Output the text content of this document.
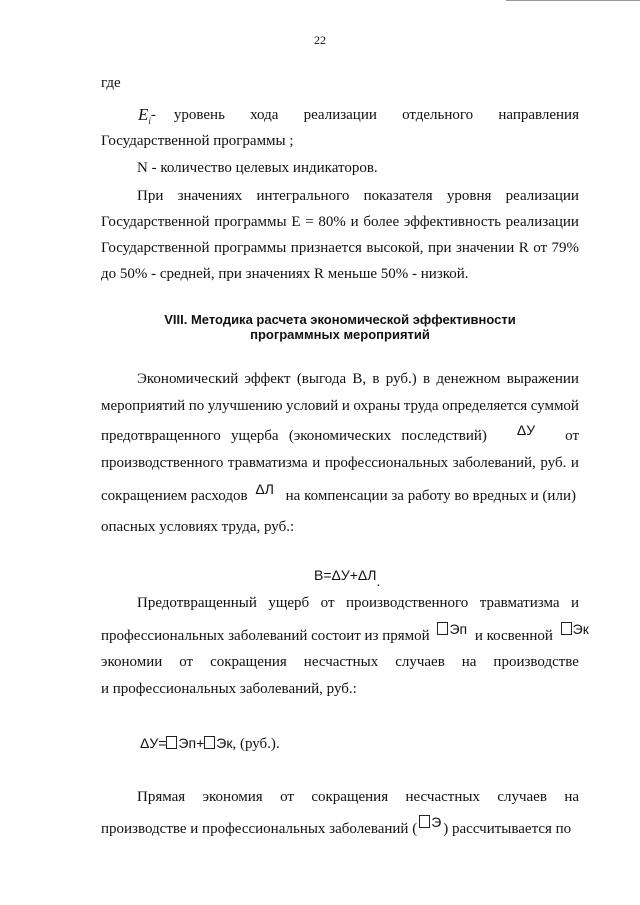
22
где
$E_i$ - уровень хода реализации отдельного направления
Государственной программы ;
N - количество целевых индикаторов.
При значениях интегрального показателя уровня реализации
Государственной программы E = 80% и более эффективность реализации
Государственной программы признается высокой, при значении R от 79%
до 50% - средней, при значениях R меньше 50% - низкой.
VIII. Методика расчета экономической эффективности
программных мероприятий
Экономический эффект (выгода B, в руб.) в денежном выражении
мероприятий по улучшению условий и охраны труда определяется суммой
предотвращенного ущерба (экономических последствий) ΔУ от
производственного травматизма и профессиональных заболеваний, руб. и
сокращением расходов ΔЛ на компенсации за работу во вредных и (или)
опасных условиях труда, руб.:
B=ΔУ+ΔЛ.
Предотвращенный ущерб от производственного травматизма и
профессиональных заболеваний состоит из прямой Эп и косвенной Эк
экономии от сокращения несчастных случаев на производстве
и профессиональных заболеваний, руб.:
ΔУ= Эп+ Эк, (руб.).
Прямая экономия от сокращения несчастных случаев на
производстве и профессиональных заболеваний ( Э ) рассчитывается по
